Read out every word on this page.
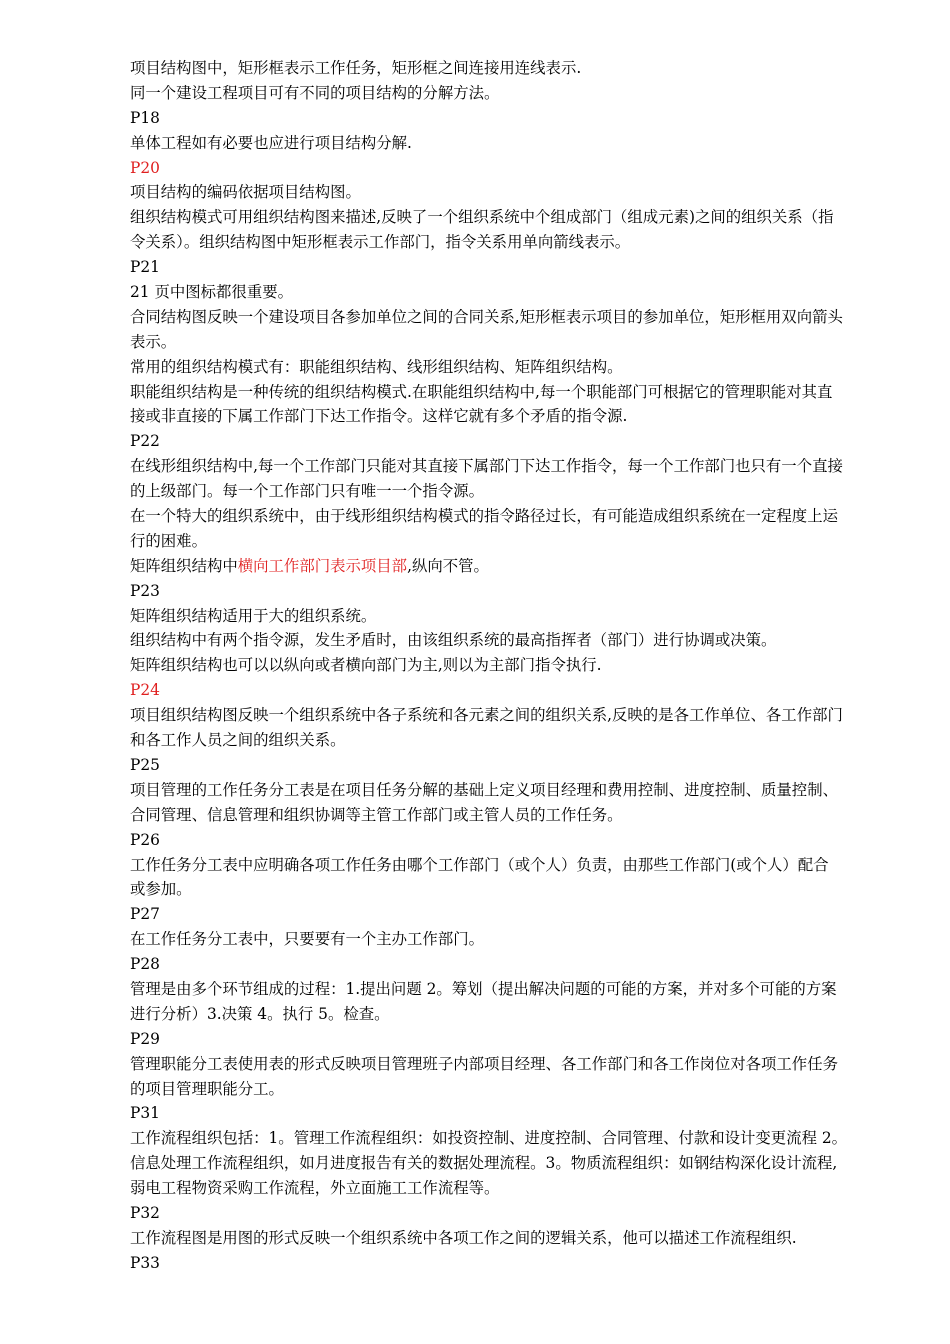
项目结构图中，矩形框表示工作任务，矩形框之间连接用连线表示.
同一个建设工程项目可有不同的项目结构的分解方法。
P18
单体工程如有必要也应进行项目结构分解.
P20
项目结构的编码依据项目结构图。
组织结构模式可用组织结构图来描述,反映了一个组织系统中个组成部门（组成元素)之间的组织关系（指
令关系）。组织结构图中矩形框表示工作部门，指令关系用单向箭线表示。
P21
21 页中图标都很重要。
合同结构图反映一个建设项目各参加单位之间的合同关系,矩形框表示项目的参加单位，矩形框用双向箭头
表示。
常用的组织结构模式有：职能组织结构、线形组织结构、矩阵组织结构。
职能组织结构是一种传统的组织结构模式.在职能组织结构中,每一个职能部门可根据它的管理职能对其直
接或非直接的下属工作部门下达工作指令。这样它就有多个矛盾的指令源.
P22
在线形组织结构中,每一个工作部门只能对其直接下属部门下达工作指令，每一个工作部门也只有一个直接
的上级部门。每一个工作部门只有唯一一个指令源。
在一个特大的组织系统中，由于线形组织结构模式的指令路径过长，有可能造成组织系统在一定程度上运
行的困难。
矩阵组织结构中横向工作部门表示项目部,纵向不管。
P23
矩阵组织结构适用于大的组织系统。
组织结构中有两个指令源，发生矛盾时，由该组织系统的最高指挥者（部门）进行协调或决策。
矩阵组织结构也可以以纵向或者横向部门为主,则以为主部门指令执行.
P24
项目组织结构图反映一个组织系统中各子系统和各元素之间的组织关系,反映的是各工作单位、各工作部门
和各工作人员之间的组织关系。
P25
项目管理的工作任务分工表是在项目任务分解的基础上定义项目经理和费用控制、进度控制、质量控制、
合同管理、信息管理和组织协调等主管工作部门或主管人员的工作任务。
P26
工作任务分工表中应明确各项工作任务由哪个工作部门（或个人）负责，由那些工作部门(或个人）配合
或参加。
P27
在工作任务分工表中，只要要有一个主办工作部门。
P28
管理是由多个环节组成的过程：1.提出问题 2。筹划（提出解决问题的可能的方案，并对多个可能的方案
进行分析）3.决策 4。执行 5。检查。
P29
管理职能分工表使用表的形式反映项目管理班子内部项目经理、各工作部门和各工作岗位对各项工作任务
的项目管理职能分工。
P31
工作流程组织包括：1。管理工作流程组织：如投资控制、进度控制、合同管理、付款和设计变更流程 2。
信息处理工作流程组织，如月进度报告有关的数据处理流程。3。物质流程组织：如钢结构深化设计流程,
弱电工程物资采购工作流程，外立面施工工作流程等。
P32
工作流程图是用图的形式反映一个组织系统中各项工作之间的逻辑关系，他可以描述工作流程组织.
P33
